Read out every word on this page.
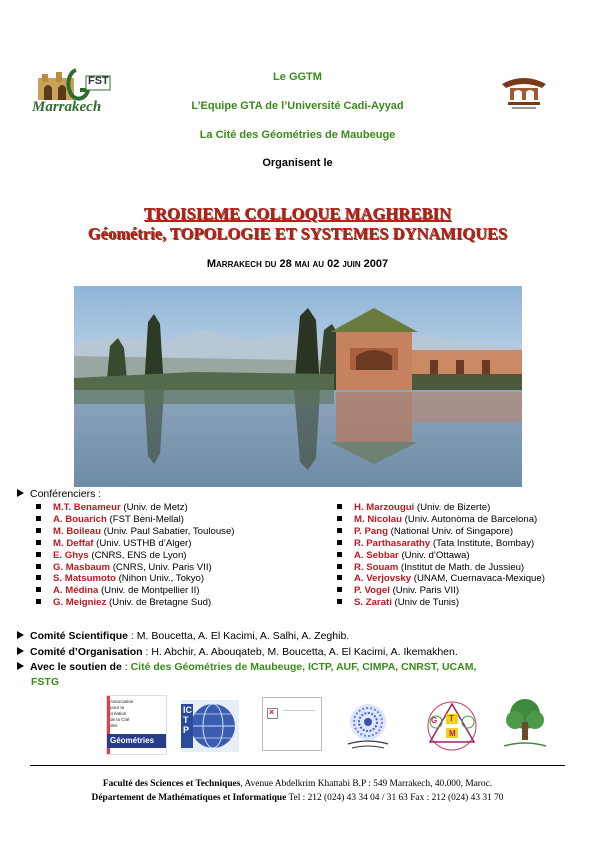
FST
Marrakech
Le GGTM
L’Equipe GTA de l’Université Cadi-Ayyad
La Cité des Géométries de Maubeuge
Organisent le
TROISIEME COLLOQUE MAGHREBIN
Géométrie, TOPOLOGIE ET SYSTEMES DYNAMIQUES
Marrakech du 28 mai au 02 juin 2007
Conférenciers :
M.T. Benameur (Univ. de Metz)
A. Bouarich (FST Beni-Mellal)
M. Boileau (Univ. Paul Sabatier, Toulouse)
M. Deffaf (Univ. USTHB d’Alger)
E. Ghys (CNRS, ENS de Lyon)
G. Masbaum (CNRS, Univ. Paris VII)
S. Matsumoto (Nihon Univ., Tokyo)
A. Médina (Univ. de Montpellier II)
G. Meigniez (Univ. de Bretagne Sud)
H. Marzougui (Univ. de Bizerte)
M. Nicolau (Univ. Autonòma de Barcelona)
P. Pang (National Univ. of Singapore)
R. Parthasarathy (Tata Institute, Bombay)
A. Sebbar (Univ. d’Ottawa)
R. Souam (Institut de Math. de Jussieu)
A. Verjovsky (UNAM, Cuernavaca-Mexique)
P. Vogel (Univ. Paris VII)
S. Zarati (Univ de Tunis)
Comité Scientifique : M. Boucetta, A. El Kacimi, A. Salhi, A. Zeghib.
Comité d’Organisation : H. Abchir, A. Abouqateb, M. Boucetta, A. El Kacimi, A. Ikemakhen.
Avec le soutien de : Cité des Géométries de Maubeuge, ICTP, AUF, CIMPA, CNRST, UCAM,
FSTG
Association
pour la
création
de la Cité
des
Géométries
ICTP
×
G T
M
Faculté des Sciences et Techniques, Avenue Abdelkrim Khattabi B.P : 549 Marrakech, 40.000, Maroc.
Département de Mathématiques et Informatique Tel : 212 (024) 43 34 04 / 31 63 Fax : 212 (024) 43 31 70
